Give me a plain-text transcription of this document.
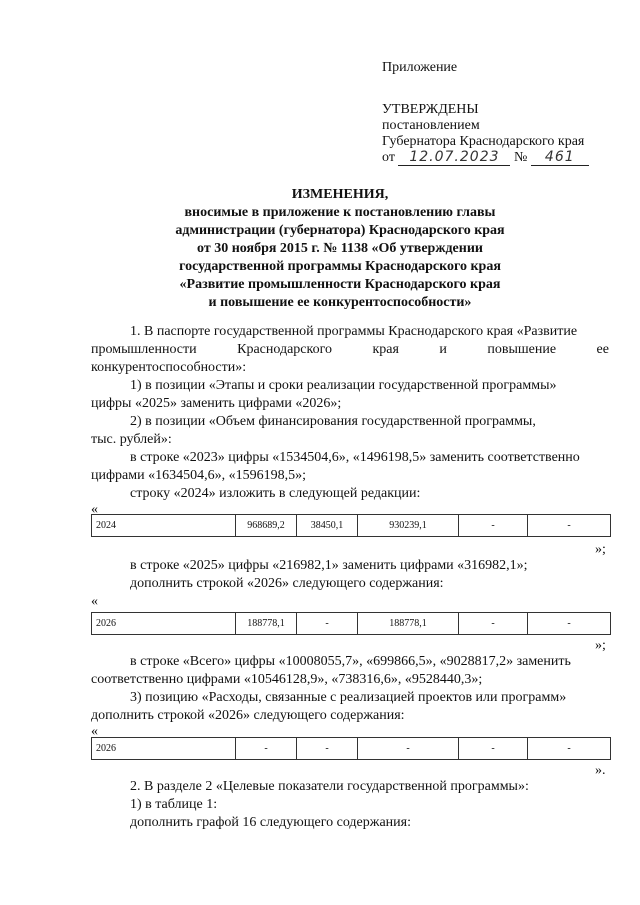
Приложение
УТВЕРЖДЕНЫ
постановлением
Губернатора Краснодарского края
от 12.07.2023 № 461
ИЗМЕНЕНИЯ,
вносимые в приложение к постановлению главы
администрации (губернатора) Краснодарского края
от 30 ноября 2015 г. № 1138 «Об утверждении
государственной программы Краснодарского края
«Развитие промышленности Краснодарского края
и повышение ее конкурентоспособности»
1. В паспорте государственной программы Краснодарского края «Развитие
промышленности	Краснодарского	края	и	повышение	ее
конкурентоспособности»:
1) в позиции «Этапы и сроки реализации государственной программы»
цифры «2025» заменить цифрами «2026»;
2) в позиции «Объем финансирования государственной программы,
тыс. рублей»:
в строке «2023» цифры «1534504,6», «1496198,5» заменить соответственно
цифрами «1634504,6», «1596198,5»;
строку «2024» изложить в следующей редакции:
«
2024	968689,2	38450,1	930239,1	-	-
»;
в строке «2025» цифры «216982,1» заменить цифрами «316982,1»;
дополнить строкой «2026» следующего содержания:
«
2026	188778,1	-	188778,1	-	-
»;
в строке «Всего» цифры «10008055,7», «699866,5», «9028817,2» заменить
соответственно цифрами «10546128,9», «738316,6», «9528440,3»;
3) позицию «Расходы, связанные с реализацией проектов или программ»
дополнить строкой «2026» следующего содержания:
«
2026	-	-	-	-	-
».
2. В разделе 2 «Целевые показатели государственной программы»:
1) в таблице 1:
дополнить графой 16 следующего содержания:
